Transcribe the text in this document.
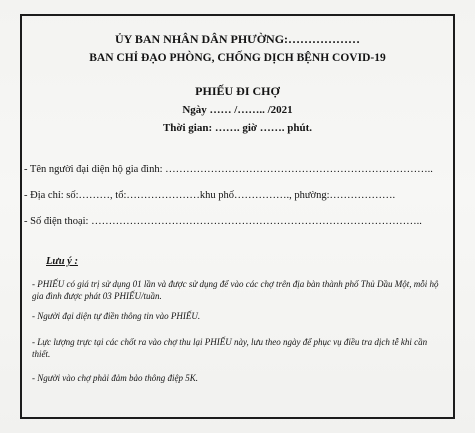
ỦY BAN NHÂN DÂN PHƯỜNG:………………
BAN CHỈ ĐẠO PHÒNG, CHỐNG DỊCH BỆNH COVID-19
PHIẾU ĐI CHỢ
Ngày …… /…….. /2021
Thời gian: ……. giờ ……. phút.
- Tên người đại diện hộ gia đình: …………………………………………………………………..
- Địa chỉ: số:………, tổ:…………………khu phố……………., phường:……………….
- Số điện thoại: …………………………………………………………………………………..
Lưu ý :
- PHIẾU có giá trị sử dụng 01 lần và được sử dụng để vào các chợ trên địa bàn thành phố Thủ Dầu Một, mỗi hộ gia đình được phát 03 PHIẾU/tuần.
- Người đại diện tự điền thông tin vào PHIẾU.
- Lực lượng trực tại các chốt ra vào chợ thu lại PHIẾU này, lưu theo ngày để phục vụ điều tra dịch tễ khi cần thiết.
- Người vào chợ phải đảm bảo thông điệp 5K.
